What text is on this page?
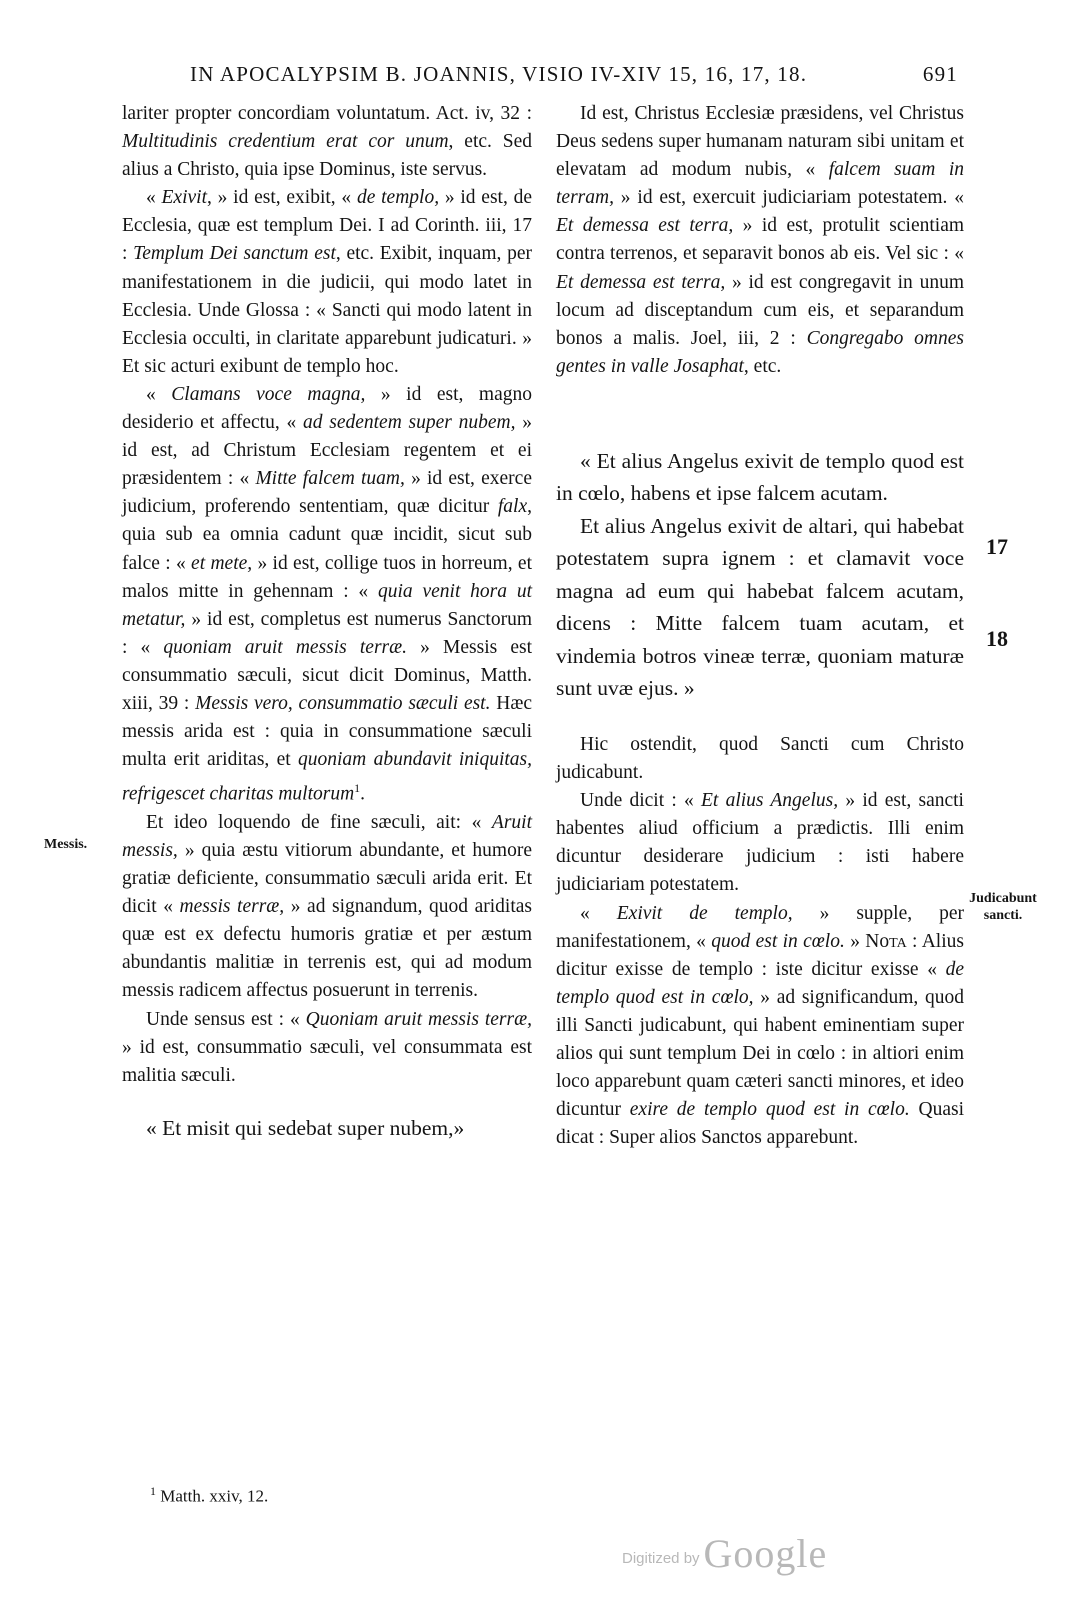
IN APOCALYPSIM B. JOANNIS, VISIO IV-XIV 15, 16, 17, 18.	691

lariter propter concordiam voluntatum. Act. iv, 32 : Multitudinis credentium erat cor unum, etc. Sed alius a Christo, quia ipse Dominus, iste servus.

« Exivit, » id est, exibit, « de templo, » id est, de Ecclesia, quæ est templum Dei. I ad Corinth. iii, 17 : Templum Dei sanctum est, etc. Exibit, inquam, per manifestationem in die judicii, qui modo latet in Ecclesia. Unde Glossa : « Sancti qui modo latent in Ecclesia occulti, in claritate apparebunt judicaturi. » Et sic acturi exibunt de templo hoc.

« Clamans voce magna, » id est, magno desiderio et affectu, « ad sedentem super nubem, » id est, ad Christum Ecclesiam regentem et ei præsidentem : « Mitte falcem tuam, » id est, exerce judicium, proferendo sententiam, quæ dicitur falx, quia sub ea omnia cadunt quæ incidit, sicut sub falce : « et mete, » id est, collige tuos in horreum, et malos mitte in gehennam : « quia venit hora ut metatur, » id est, completus est numerus Sanctorum : « quoniam aruit messis terræ. » Messis est consummatio sæculi, sicut dicit Dominus, Matth. xiii, 39 : Messis vero, consummatio sæculi est. Hæc messis arida est : quia in consummatione sæculi multa erit ariditas, et quoniam abundavit iniquitas, refrigescet charitas multorum$^1$.

Et ideo loquendo de fine sæculi, ait: « Aruit messis, » quia æstu vitiorum abundante, et humore gratiæ deficiente, consummatio sæculi arida erit. Et dicit « messis terræ, » ad signandum, quod ariditas quæ est ex defectu humoris gratiæ et per æstum abundantis malitiæ in terrenis est, qui ad modum messis radicem affectus posuerunt in terrenis.

Unde sensus est : « Quoniam aruit messis terræ, » id est, consummatio sæculi, vel consummata est malitia sæculi.

« Et misit qui sedebat super nubem,»

Id est, Christus Ecclesiæ præsidens, vel Christus Deus sedens super humanam naturam sibi unitam et elevatam ad modum nubis, « falcem suam in terram, » id est, exercuit judiciariam potestatem. « Et demessa est terra, » id est, protulit scientiam contra terrenos, et separavit bonos ab eis. Vel sic : « Et demessa est terra, » id est congregavit in unum locum ad disceptandum cum eis, et separandum bonos a malis. Joel, iii, 2 : Congregabo omnes gentes in valle Josaphat, etc.

« Et alius Angelus exivit de templo quod est in cœlo, habens et ipse falcem acutam.

Et alius Angelus exivit de altari, qui habebat potestatem supra ignem : et clamavit voce magna ad eum qui habebat falcem acutam, dicens : Mitte falcem tuam acutam, et vindemia botros vineæ terræ, quoniam maturæ sunt uvæ ejus. »

Hic ostendit, quod Sancti cum Christo judicabunt.

Unde dicit : « Et alius Angelus, » id est, sancti habentes aliud officium a prædictis. Illi enim dicuntur desiderare judicium : isti habere judiciariam potestatem.

« Exivit de templo, » supple, per manifestationem, « quod est in cœlo. » Nota : Alius dicitur exisse de templo : iste dicitur exisse « de templo quod est in cœlo, » ad significandum, quod illi Sancti judicabunt, qui habent eminentiam super alios qui sunt templum Dei in cœlo : in altiori enim loco apparebunt quam cæteri sancti minores, et ideo dicuntur exire de templo quod est in cœlo. Quasi dicat : Super alios Sanctos apparebunt.

Messis.
Judicabunt
sancti.
17
18
$^1$ Matth. xxiv, 12.
Digitized by Google
